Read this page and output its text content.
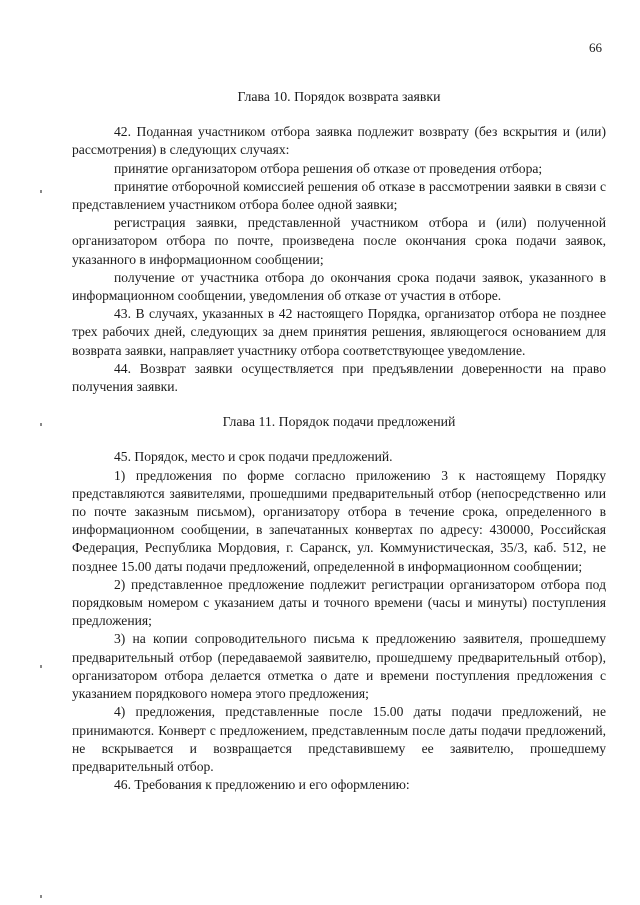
66
Глава 10. Порядок возврата заявки

42. Поданная участником отбора заявка подлежит возврату (без вскрытия и (или) рассмотрения) в следующих случаях:

принятие организатором отбора решения об отказе от проведения отбора;

принятие отборочной комиссией решения об отказе в рассмотрении заявки в связи с представлением участником отбора более одной заявки;

регистрация заявки, представленной участником отбора и (или) полученной организатором отбора по почте, произведена после окончания срока подачи заявок, указанного в информационном сообщении;

получение от участника отбора до окончания срока подачи заявок, указанного в информационном сообщении, уведомления об отказе от участия в отборе.

43. В случаях, указанных в 42 настоящего Порядка, организатор отбора не позднее трех рабочих дней, следующих за днем принятия решения, являющегося основанием для возврата заявки, направляет участнику отбора соответствующее уведомление.

44. Возврат заявки осуществляется при предъявлении доверенности на право получения заявки.

Глава 11. Порядок подачи предложений

45. Порядок, место и срок подачи предложений.

1) предложения по форме согласно приложению 3 к настоящему Порядку представляются заявителями, прошедшими предварительный отбор (непосредственно или по почте заказным письмом), организатору отбора в течение срока, определенного в информационном сообщении, в запечатанных конвертах по адресу: 430000, Российская Федерация, Республика Мордовия, г. Саранск, ул. Коммунистическая, 35/3, каб. 512, не позднее 15.00 даты подачи предложений, определенной в информационном сообщении;

2) представленное предложение подлежит регистрации организатором отбора под порядковым номером с указанием даты и точного времени (часы и минуты) поступления предложения;

3) на копии сопроводительного письма к предложению заявителя, прошедшему предварительный отбор (передаваемой заявителю, прошедшему предварительный отбор), организатором отбора делается отметка о дате и времени поступления предложения с указанием порядкового номера этого предложения;

4) предложения, представленные после 15.00 даты подачи предложений, не принимаются. Конверт с предложением, представленным после даты подачи предложений, не вскрывается и возвращается представившему ее заявителю, прошедшему предварительный отбор.

46. Требования к предложению и его оформлению:
